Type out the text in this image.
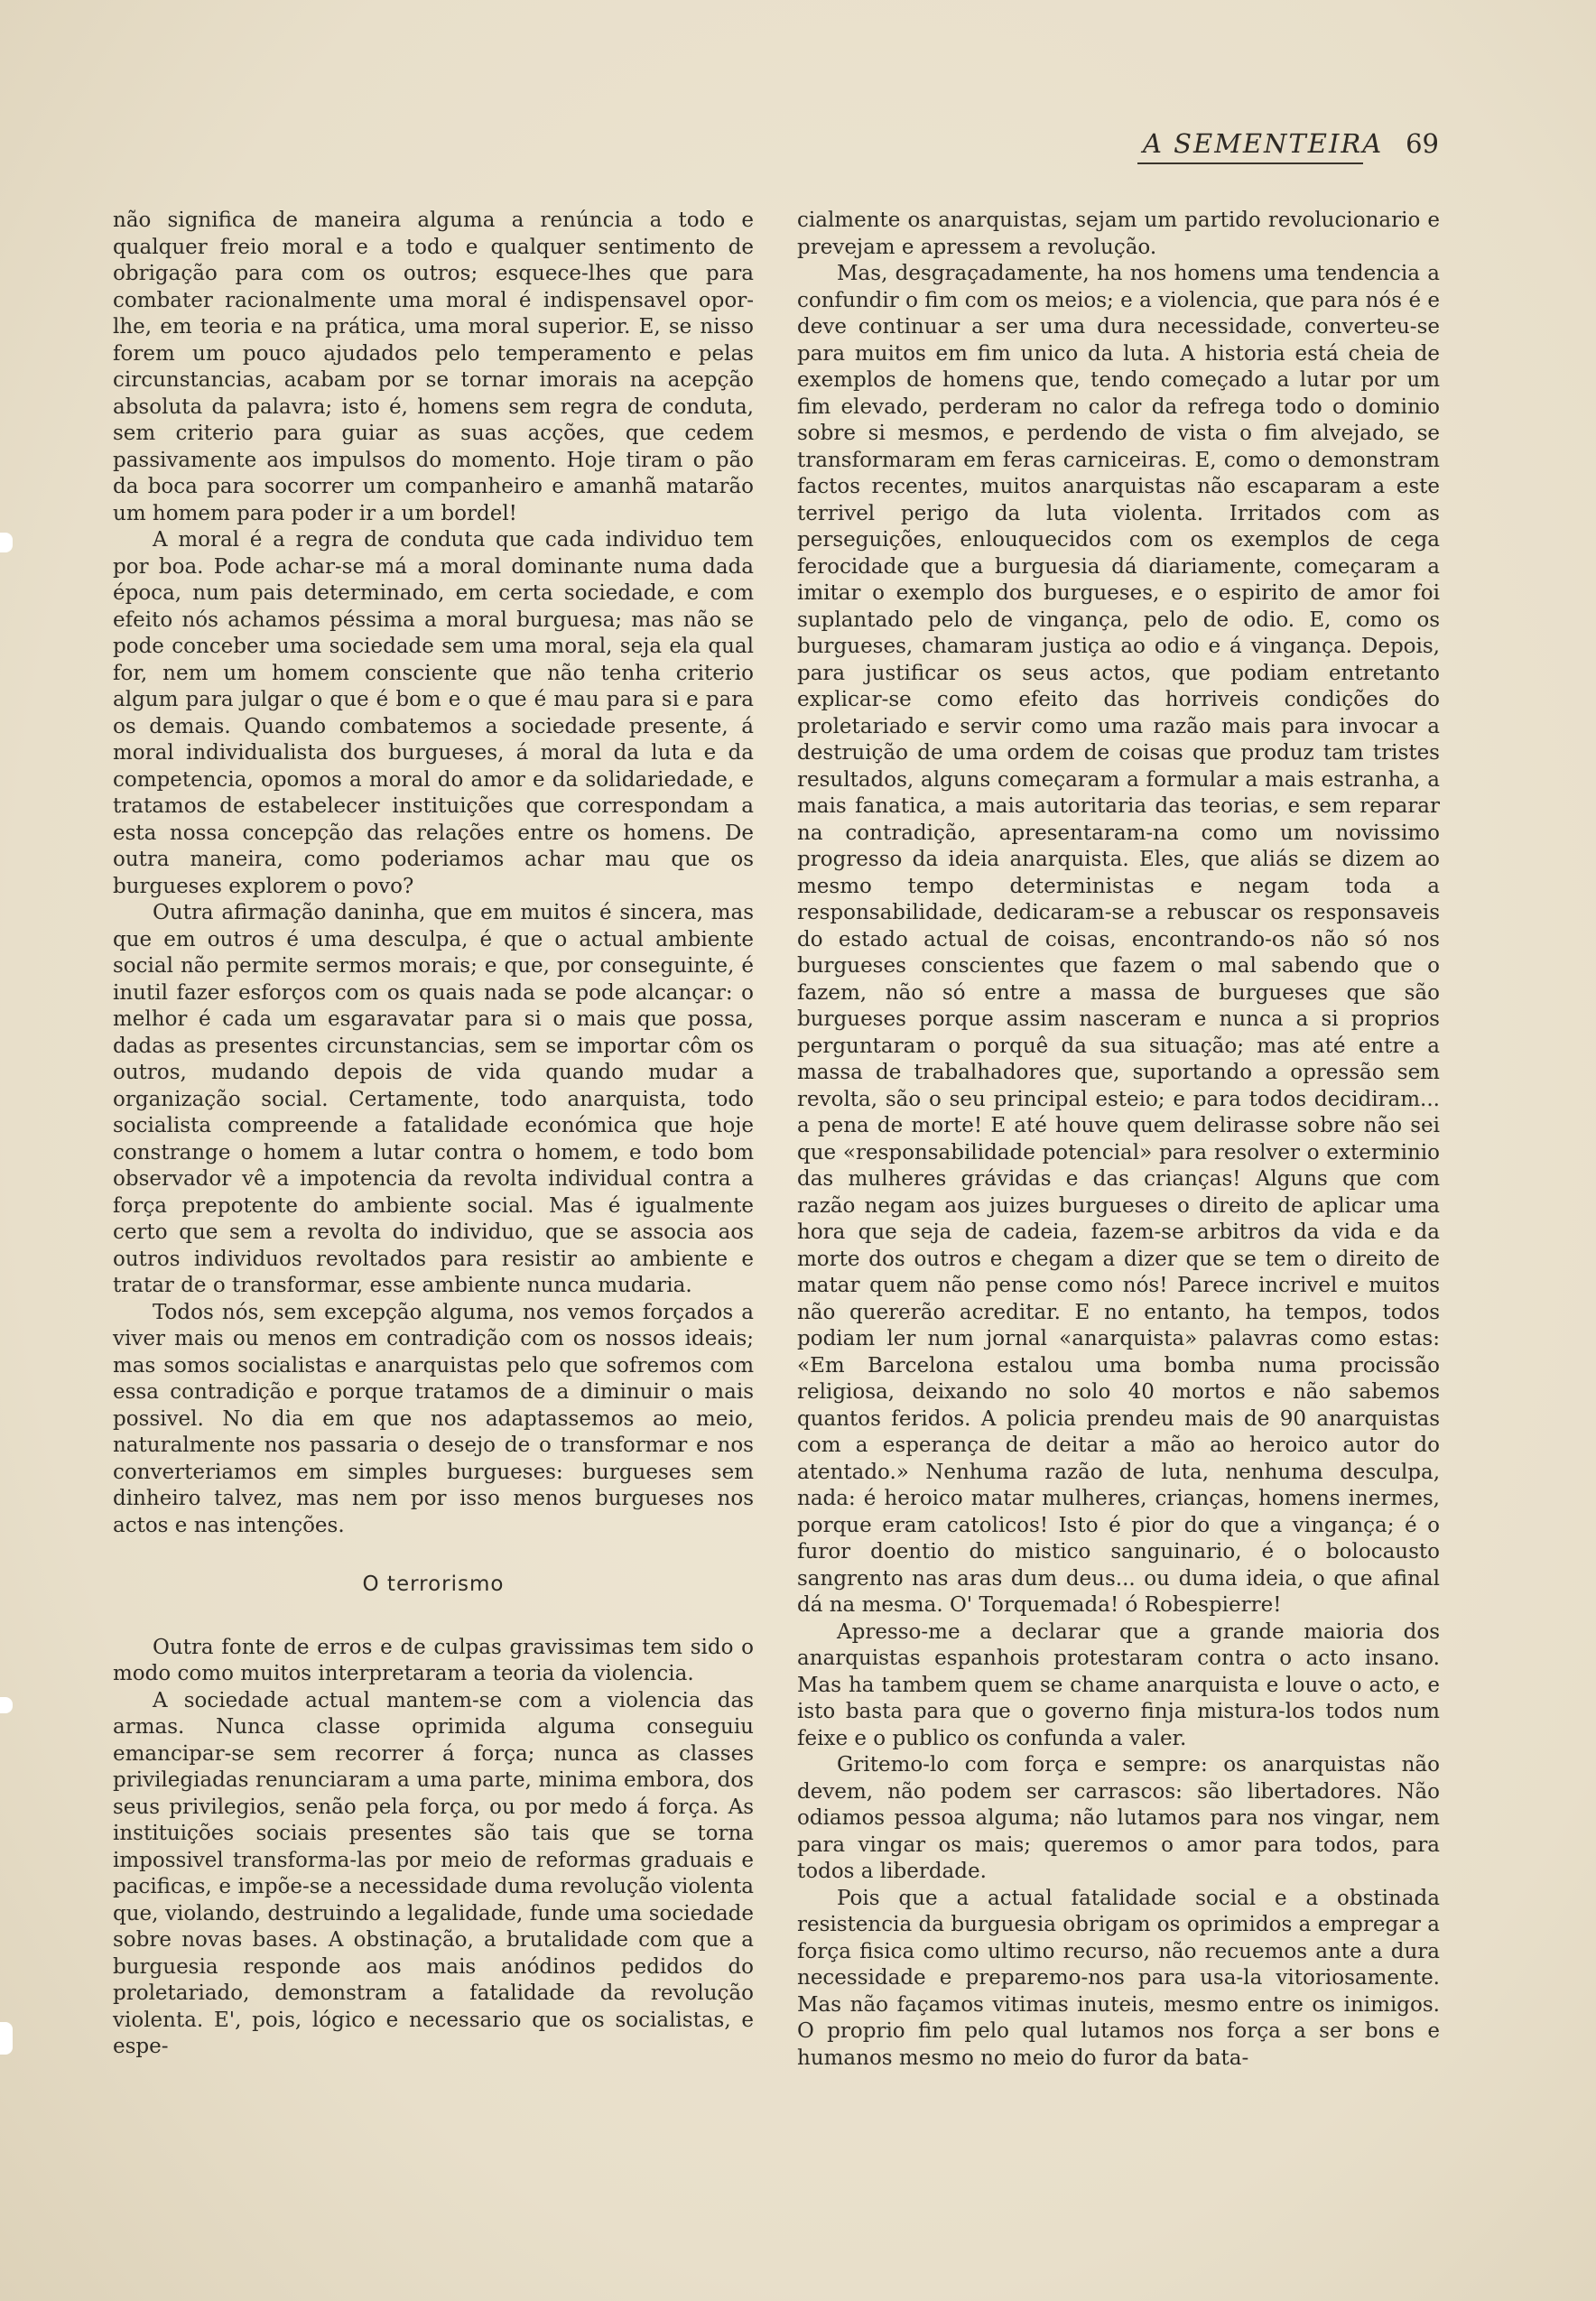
A SEMENTEIRA 69

não significa de maneira alguma a renúncia a todo e qualquer freio moral e a todo e qualquer sentimento de obrigação para com os outros; esquece-lhes que para combater racionalmente uma moral é indispensavel opor-lhe, em teoria e na prática, uma moral superior. E, se nisso forem um pouco ajudados pelo temperamento e pelas circunstancias, acabam por se tornar imorais na acepção absoluta da palavra; isto é, homens sem regra de conduta, sem criterio para guiar as suas acções, que cedem passivamente aos impulsos do momento. Hoje tiram o pão da boca para socorrer um companheiro e amanhã matarão um homem para poder ir a um bordel!

A moral é a regra de conduta que cada individuo tem por boa. Pode achar-se má a moral dominante numa dada época, num pais determinado, em certa sociedade, e com efeito nós achamos péssima a moral burguesa; mas não se pode conceber uma sociedade sem uma moral, seja ela qual for, nem um homem consciente que não tenha criterio algum para julgar o que é bom e o que é mau para si e para os demais. Quando combatemos a sociedade presente, á moral individualista dos burgueses, á moral da luta e da competencia, opomos a moral do amor e da solidariedade, e tratamos de estabelecer instituições que correspondam a esta nossa concepção das relações entre os homens. De outra maneira, como poderiamos achar mau que os burgueses explorem o povo?

Outra afirmação daninha, que em muitos é sincera, mas que em outros é uma desculpa, é que o actual ambiente social não permite sermos morais; e que, por conseguinte, é inutil fazer esforços com os quais nada se pode alcançar: o melhor é cada um esgaravatar para si o mais que possa, dadas as presentes circunstancias, sem se importar côm os outros, mudando depois de vida quando mudar a organização social. Certamente, todo anarquista, todo socialista compreende a fatalidade económica que hoje constrange o homem a lutar contra o homem, e todo bom observador vê a impotencia da revolta individual contra a força prepotente do ambiente social. Mas é igualmente certo que sem a revolta do individuo, que se associa aos outros individuos revoltados para resistir ao ambiente e tratar de o transformar, esse ambiente nunca mudaria.

Todos nós, sem excepção alguma, nos vemos forçados a viver mais ou menos em contradição com os nossos ideais; mas somos socialistas e anarquistas pelo que sofremos com essa contradição e porque tratamos de a diminuir o mais possivel. No dia em que nos adaptassemos ao meio, naturalmente nos passaria o desejo de o transformar e nos converteriamos em simples burgueses: burgueses sem dinheiro talvez, mas nem por isso menos burgueses nos actos e nas intenções.

O terrorismo

Outra fonte de erros e de culpas gravissimas tem sido o modo como muitos interpretaram a teoria da violencia.

A sociedade actual mantem-se com a violencia das armas. Nunca classe oprimida alguma conseguiu emancipar-se sem recorrer á força; nunca as classes privilegiadas renunciaram a uma parte, minima embora, dos seus privilegios, senão pela força, ou por medo á força. As instituições sociais presentes são tais que se torna impossivel transforma-las por meio de reformas graduais e pacificas, e impõe-se a necessidade duma revolução violenta que, violando, destruindo a legalidade, funde uma sociedade sobre novas bases. A obstinação, a brutalidade com que a burguesia responde aos mais anódinos pedidos do proletariado, demonstram a fatalidade da revolução violenta. E', pois, lógico e necessario que os socialistas, e espe-

cialmente os anarquistas, sejam um partido revolucionario e prevejam e apressem a revolução.

Mas, desgraçadamente, ha nos homens uma tendencia a confundir o fim com os meios; e a violencia, que para nós é e deve continuar a ser uma dura necessidade, converteu-se para muitos em fim unico da luta. A historia está cheia de exemplos de homens que, tendo começado a lutar por um fim elevado, perderam no calor da refrega todo o dominio sobre si mesmos, e perdendo de vista o fim alvejado, se transformaram em feras carniceiras. E, como o demonstram factos recentes, muitos anarquistas não escaparam a este terrivel perigo da luta violenta. Irritados com as perseguições, enlouquecidos com os exemplos de cega ferocidade que a burguesia dá diariamente, começaram a imitar o exemplo dos burgueses, e o espirito de amor foi suplantado pelo de vingança, pelo de odio. E, como os burgueses, chamaram justiça ao odio e á vingança. Depois, para justificar os seus actos, que podiam entretanto explicar-se como efeito das horriveis condições do proletariado e servir como uma razão mais para invocar a destruição de uma ordem de coisas que produz tam tristes resultados, alguns começaram a formular a mais estranha, a mais fanatica, a mais autoritaria das teorias, e sem reparar na contradição, apresentaram-na como um novissimo progresso da ideia anarquista. Eles, que aliás se dizem ao mesmo tempo deterministas e negam toda a responsabilidade, dedicaram-se a rebuscar os responsaveis do estado actual de coisas, encontrando-os não só nos burgueses conscientes que fazem o mal sabendo que o fazem, não só entre a massa de burgueses que são burgueses porque assim nasceram e nunca a si proprios perguntaram o porquê da sua situação; mas até entre a massa de trabalhadores que, suportando a opressão sem revolta, são o seu principal esteio; e para todos decidiram... a pena de morte! E até houve quem delirasse sobre não sei que «responsabilidade potencial» para resolver o exterminio das mulheres grávidas e das crianças! Alguns que com razão negam aos juizes burgueses o direito de aplicar uma hora que seja de cadeia, fazem-se arbitros da vida e da morte dos outros e chegam a dizer que se tem o direito de matar quem não pense como nós! Parece incrivel e muitos não quererão acreditar. E no entanto, ha tempos, todos podiam ler num jornal «anarquista» palavras como estas: «Em Barcelona estalou uma bomba numa procissão religiosa, deixando no solo 40 mortos e não sabemos quantos feridos. A policia prendeu mais de 90 anarquistas com a esperança de deitar a mão ao heroico autor do atentado.» Nenhuma razão de luta, nenhuma desculpa, nada: é heroico matar mulheres, crianças, homens inermes, porque eram catolicos! Isto é pior do que a vingança; é o furor doentio do mistico sanguinario, é o bolocausto sangrento nas aras dum deus... ou duma ideia, o que afinal dá na mesma. O' Torquemada! ó Robespierre!

Apresso-me a declarar que a grande maioria dos anarquistas espanhois protestaram contra o acto insano. Mas ha tambem quem se chame anarquista e louve o acto, e isto basta para que o governo finja mistura-los todos num feixe e o publico os confunda a valer.

Gritemo-lo com força e sempre: os anarquistas não devem, não podem ser carrascos: são libertadores. Não odiamos pessoa alguma; não lutamos para nos vingar, nem para vingar os mais; queremos o amor para todos, para todos a liberdade.

Pois que a actual fatalidade social e a obstinada resistencia da burguesia obrigam os oprimidos a empregar a força fisica como ultimo recurso, não recuemos ante a dura necessidade e preparemo-nos para usa-la vitoriosamente. Mas não façamos vitimas inuteis, mesmo entre os inimigos. O proprio fim pelo qual lutamos nos força a ser bons e humanos mesmo no meio do furor da bata-
